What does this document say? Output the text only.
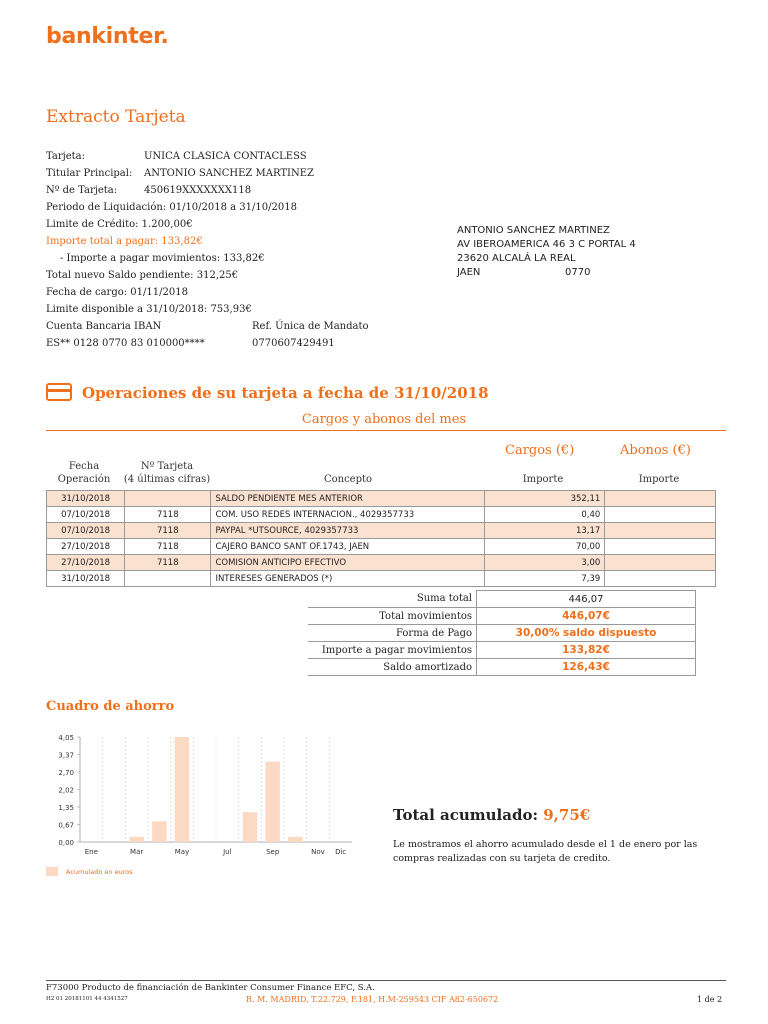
bankinter.
Extracto Tarjeta
Tarjeta:	UNICA CLASICA CONTACLESS
Titular Principal: ANTONIO SANCHEZ MARTINEZ
Nº de Tarjeta:	450619XXXXXXX118
Periodo de Liquidación: 01/10/2018 a 31/10/2018
Limite de Crédito: 1.200,00€
Importe total a pagar: 133,82€
- Importe a pagar movimientos: 133,82€
Total nuevo Saldo pendiente: 312,25€
Fecha de cargo: 01/11/2018
Limite disponible a 31/10/2018: 753,93€
Cuenta Bancaria IBAN	Ref. Única de Mandato
ES** 0128 0770 83 010000****	0770607429491
ANTONIO SANCHEZ MARTINEZ
AV IBEROAMERICA 46 3 C PORTAL 4
23620 ALCALÁ LA REAL
JAEN	0770
Operaciones de su tarjeta a fecha de 31/10/2018
Cargos y abonos del mes
Cargos (€)	Abonos (€)
Fecha
Operación
Nº Tarjeta
(4 últimas cifras)	Concepto	Importe	Importe
31/10/2018		SALDO PENDIENTE MES ANTERIOR	352,11	
07/10/2018	7118	COM. USO REDES INTERNACION., 4029357733	0,40	
07/10/2018	7118	PAYPAL *UTSOURCE, 4029357733	13,17	
27/10/2018	7118	CAJERO BANCO SANT OF.1743, JAEN	70,00	
27/10/2018	7118	COMISION ANTICIPO EFECTIVO	3,00	
31/10/2018		INTERESES GENERADOS (*)	7,39	
Suma total	446,07
Total movimientos	446,07€
Forma de Pago	30,00% saldo dispuesto
Importe a pagar movimientos	133,82€
Saldo amortizado	126,43€
Cuadro de ahorro
0,00
0,67
1,35
2,02
2,70
3,37
4,05
Ene	Mar	May	Jul	Sep	Nov Dic
Acumulado en euros
Total acumulado: 9,75€
Le mostramos el ahorro acumulado desde el 1 de enero por las compras realizadas con su tarjeta de credito.
F73000 Producto de financiación de Bankinter Consumer Finance EFC, S.A.
H2 01 20181101 44 4341527	R. M. MADRID, T.22.729, F.181, H.M-259543 CIF A82-650672	1 de 2
